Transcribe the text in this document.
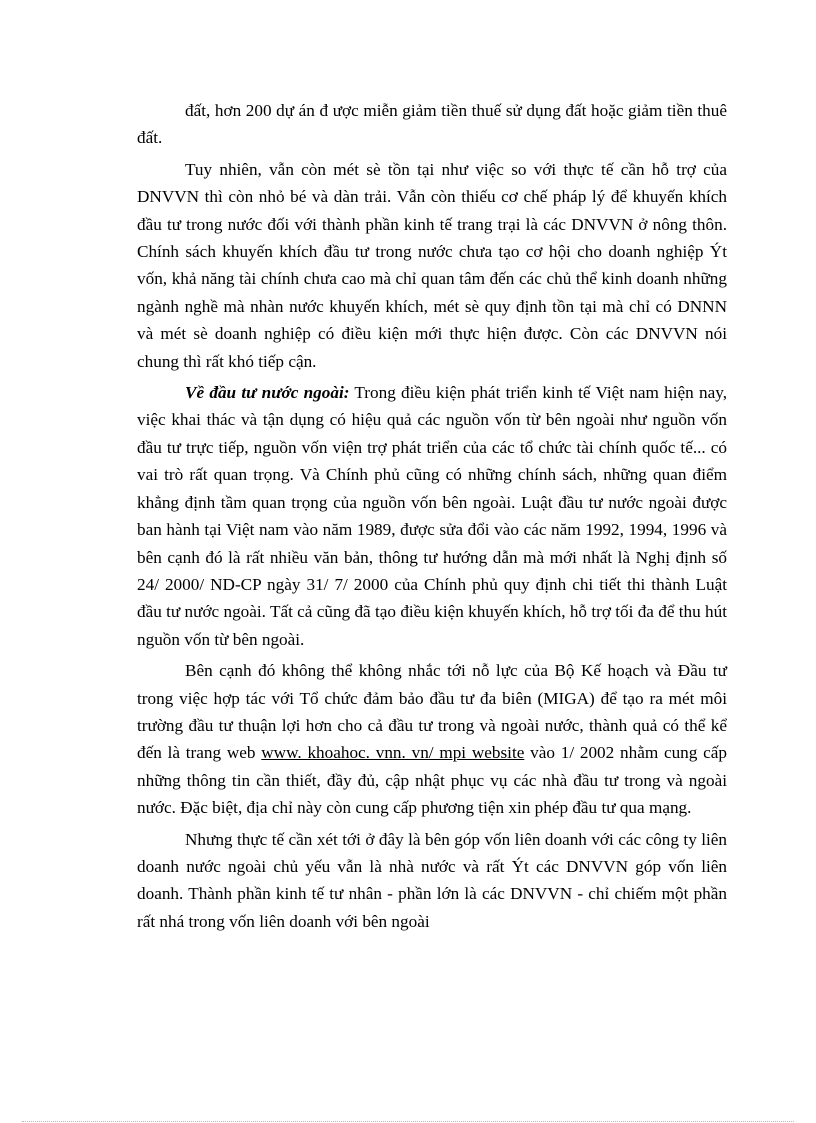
đất, hơn 200 dự án đ ược miễn giảm tiền thuế sử dụng đất hoặc giảm tiền thuê đất.

Tuy nhiên, vẫn còn mét sè tồn tại như việc so với thực tế cần hỗ trợ của DNVVN thì còn nhỏ bé và dàn trải. Vẫn còn thiếu cơ chế pháp lý để khuyến khích đầu tư trong nước đối với thành phần kinh tế trang trại là các DNVVN ở nông thôn. Chính sách khuyến khích đầu tư trong nước chưa tạo cơ hội cho doanh nghiệp Ýt vốn, khả năng tài chính chưa cao mà chỉ quan tâm đến các chủ thể kinh doanh những ngành nghề mà nhàn nước khuyến khích, mét sè quy định tồn tại mà chỉ có DNNN và mét sè doanh nghiệp có điều kiện mới thực hiện được. Còn các DNVVN nói chung thì rất khó tiếp cận.

Về đầu tư nước ngoài: Trong điều kiện phát triển kinh tế Việt nam hiện nay, việc khai thác và tận dụng có hiệu quả các nguồn vốn từ bên ngoài như nguồn vốn đầu tư trực tiếp, nguồn vốn viện trợ phát triển của các tổ chức tài chính quốc tế... có vai trò rất quan trọng. Và Chính phủ cũng có những chính sách, những quan điểm khẳng định tầm quan trọng của nguồn vốn bên ngoài. Luật đầu tư nước ngoài được ban hành tại Việt nam vào năm 1989, được sửa đổi vào các năm 1992, 1994, 1996 và bên cạnh đó là rất nhiều văn bản, thông tư hướng dẫn mà mới nhất là Nghị định số 24/ 2000/ ND-CP ngày 31/ 7/ 2000 của Chính phủ quy định chi tiết thi thành Luật đầu tư nước ngoài. Tất cả cũng đã tạo điều kiện khuyến khích, hỗ trợ tối đa để thu hút nguồn vốn từ bên ngoài.

Bên cạnh đó không thể không nhắc tới nỗ lực của Bộ Kế hoạch và Đầu tư trong việc hợp tác với Tổ chức đảm bảo đầu tư đa biên (MIGA) để tạo ra mét môi trường đầu tư thuận lợi hơn cho cả đầu tư trong và ngoài nước, thành quả có thể kể đến là trang web www. khoahoc. vnn. vn/ mpi website vào 1/ 2002 nhằm cung cấp những thông tin cần thiết, đầy đủ, cập nhật phục vụ các nhà đầu tư trong và ngoài nước. Đặc biệt, địa chỉ này còn cung cấp phương tiện xin phép đầu tư qua mạng.

Nhưng thực tế cần xét tới ở đây là bên góp vốn liên doanh với các công ty liên doanh nước ngoài chủ yếu vẫn là nhà nước và rất Ýt các DNVVN góp vốn liên doanh. Thành phần kinh tế tư nhân - phần lớn là các DNVVN - chỉ chiếm một phần rất nhá trong vốn liên doanh với bên ngoài
